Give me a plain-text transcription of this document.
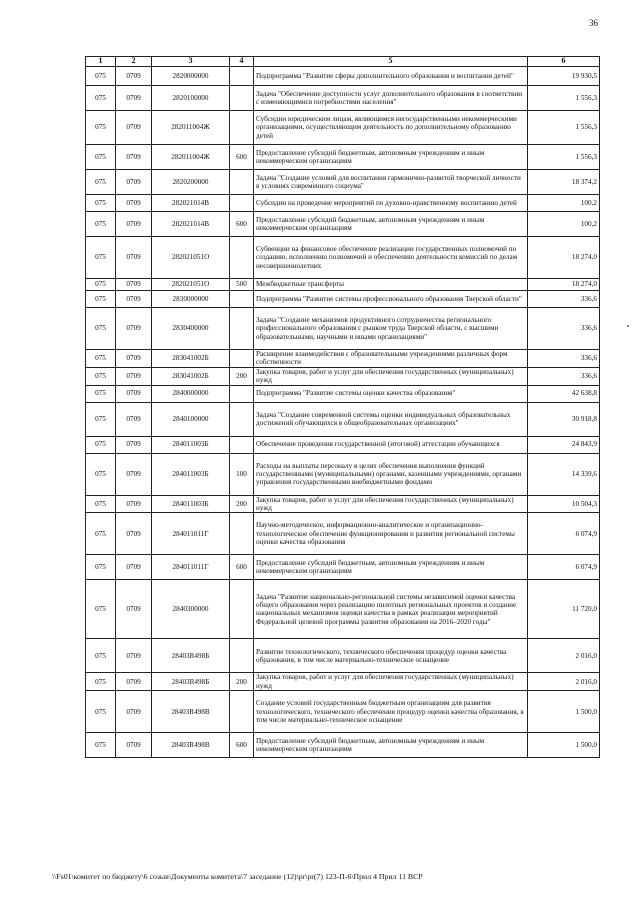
36
1	2	3	4	5	6
075	0709	2820000000		Подпрограмма "Развитие сферы дополнительного образования и воспитания детей"	19 930,5
075	0709	2820100000		Задача "Обеспечение доступности услуг дополнительного образования в соответствии с изменяющимися потребностями населения"	1 556,3
075	0709	282011004Ж		Субсидии юридическим лицам, являющимся негосударственными некоммерческими организациями, осуществляющим деятельность по дополнительному образованию детей	1 556,3
075	0709	282011004Ж	600	Предоставление субсидий бюджетным, автономным учреждениям и иным некоммерческим организациям	1 556,3
075	0709	2820200000		Задача "Создание условий для воспитания гармонично-развитой творческой личности в условиях современного социума"	18 374,2
075	0709	282021014В		Субсидии на проведение мероприятий по духовно-нравственному воспитанию детей	100,2
075	0709	282021014В	600	Предоставление субсидий бюджетным, автономным учреждениям и иным некоммерческим организациям	100,2
075	0709	282021051О		Субвенции на финансовое обеспечение реализации государственных полномочий по созданию, исполнению полномочий и обеспечению деятельности комиссий по делам несовершеннолетних	18 274,0
075	0709	282021051О	500	Межбюджетные трансферты	18 274,0
075	0709	2830000000		Подпрограмма "Развитие системы профессионального образования Тверской области"	336,6
075	0709	2830400000		Задача "Создание механизмов продуктивного сотрудничества регионального профессионального образования с рынком труда Тверской области, с высшими образовательными, научными и иными организациями"	336,6
075	0709	283041002Б		Расширение взаимодействия с образовательными учреждениями различных форм собственности	336,6
075	0709	283041002Б	200	Закупка товаров, работ и услуг для обеспечения государственных (муниципальных) нужд	336,6
075	0709	2840000000		Подпрограмма "Развитие системы оценки качества образования"	42 638,8
075	0709	2840100000		Задача "Создание современной системы оценки индивидуальных образовательных достижений обучающихся в общеобразовательных организациях"	30 918,8
075	0709	284011003Б		Обеспечение проведения государственной (итоговой) аттестации обучающихся	24 843,9
075	0709	284011003Б	100	Расходы на выплаты персоналу в целях обеспечения выполнения функций государственными (муниципальными) органами, казенными учреждениями, органами управления государственными внебюджетными фондами	14 339,6
075	0709	284011003Б	200	Закупка товаров, работ и услуг для обеспечения государственных (муниципальных) нужд	10 504,3
075	0709	284011011Г		Научно-методическое, информационно-аналитическое и организационно-технологическое обеспечение функционирования и развития региональной системы оценки качества образования	6 074,9
075	0709	284011011Г	600	Предоставление субсидий бюджетным, автономным учреждениям и иным некоммерческим организациям	6 074,9
075	0709	2840300000		Задача "Развитие национально-региональной системы независимой оценки качества общего образования через реализацию пилотных региональных проектов и создание национальных механизмов оценки качества в рамках реализации мероприятий Федеральной целевой программы развития образования на 2016–2020 годы"	11 720,0
075	0709	28403R498Б		Развитие технологического, технического обеспечения процедур оценки качества образования, в том числе материально-техническое оснащение	2 016,0
075	0709	28403R498Б	200	Закупка товаров, работ и услуг для обеспечения государственных (муниципальных) нужд	2 016,0
075	0709	28403R498В		Создание условий государственным бюджетным организациям для развития технологического, технического обеспечения процедур оценки качества образования, в том числе материально-техническое оснащение	1 500,0
075	0709	28403R498В	600	Предоставление субсидий бюджетным, автономным учреждениям и иным некоммерческим организациям	1 500,0
\\Fs01\комитет по бюджету\6 созыв\Документы комитета\7 заседание (12)\pr\pr(7) 123-П-6\Прил 4 Прил 11 ВСР
